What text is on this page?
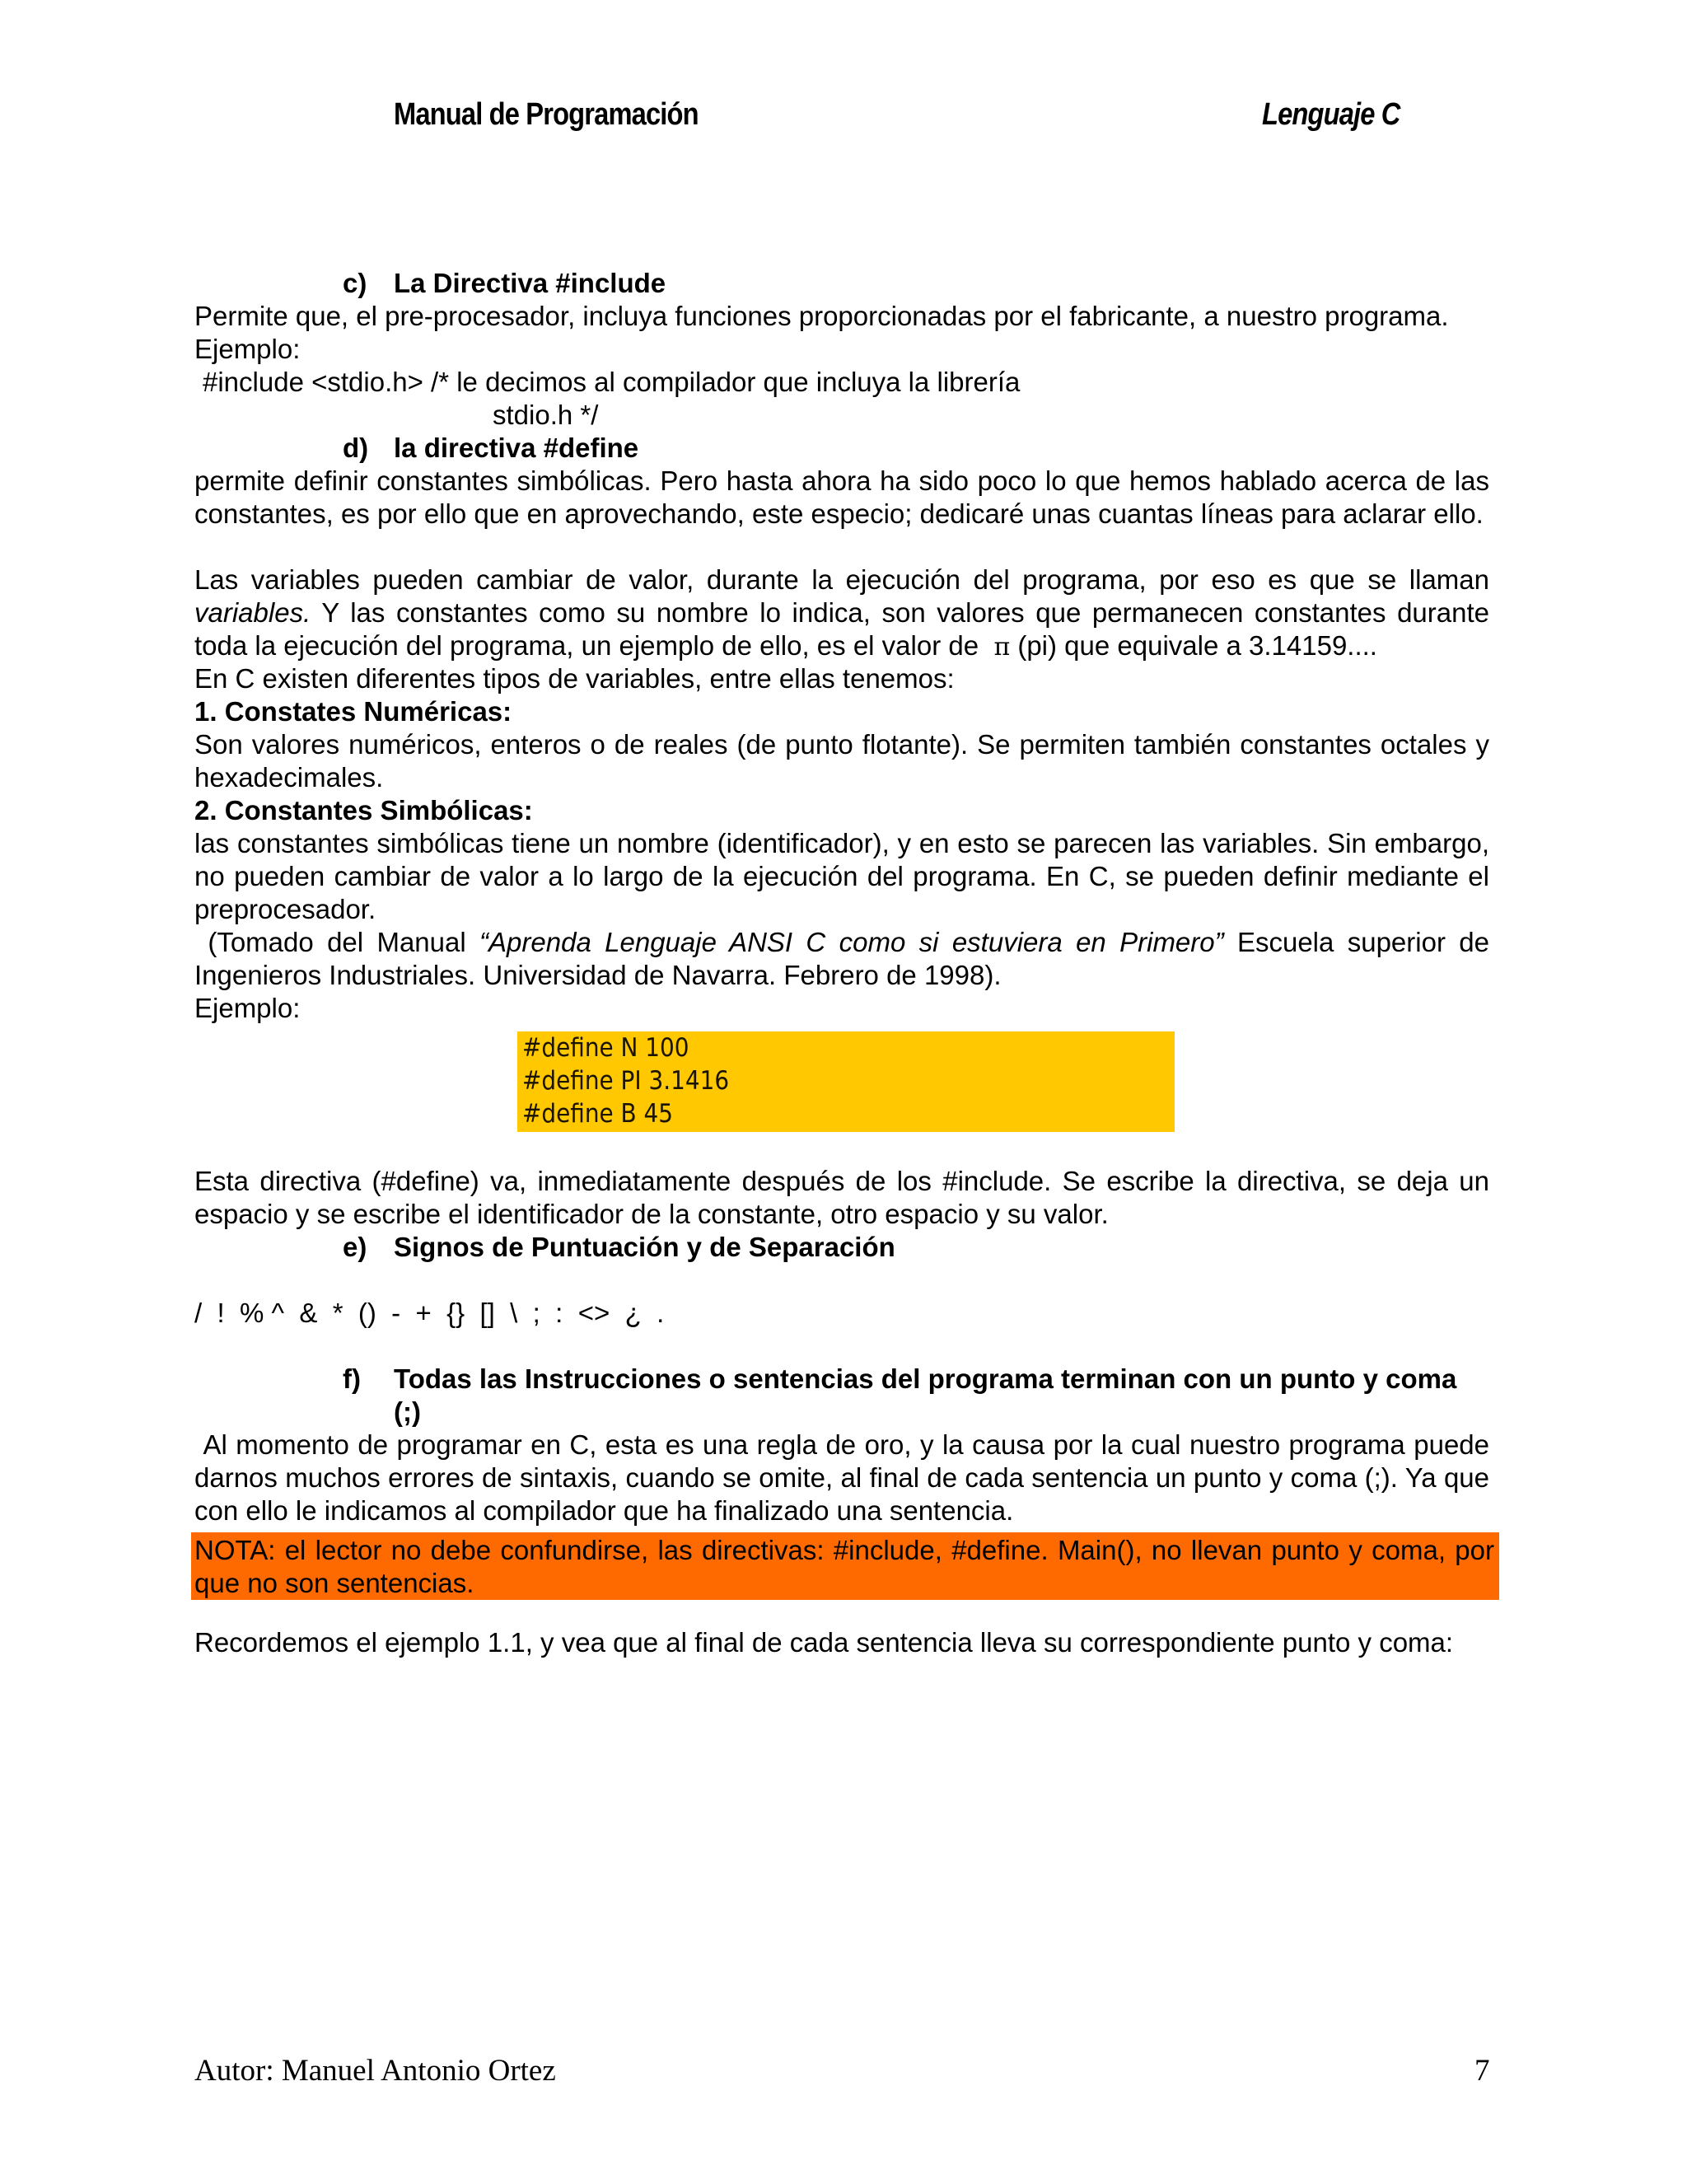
Manual de Programación	Lenguaje C
c) La Directiva #include
Permite que, el pre-procesador, incluya funciones proporcionadas por el fabricante, a nuestro programa.
Ejemplo:
#include <stdio.h> /* le decimos al compilador que incluya la librería
stdio.h */
d) la directiva #define
permite definir constantes simbólicas. Pero hasta ahora ha sido poco lo que hemos hablado acerca de las constantes, es por ello que en aprovechando, este especio; dedicaré unas cuantas líneas para aclarar ello.
Las variables pueden cambiar de valor, durante la ejecución del programa, por eso es que se llaman variables. Y las constantes como su nombre lo indica, son valores que permanecen constantes durante toda la ejecución del programa, un ejemplo de ello, es el valor de π (pi) que equivale a 3.14159....
En C existen diferentes tipos de variables, entre ellas tenemos:
1. Constates Numéricas:
Son valores numéricos, enteros o de reales (de punto flotante). Se permiten también constantes octales y hexadecimales.
2. Constantes Simbólicas:
las constantes simbólicas tiene un nombre (identificador), y en esto se parecen las variables. Sin embargo, no pueden cambiar de valor a lo largo de la ejecución del programa. En C, se pueden definir mediante el preprocesador.
(Tomado del Manual “Aprenda Lenguaje ANSI C como si estuviera en Primero” Escuela superior de Ingenieros Industriales. Universidad de Navarra. Febrero de 1998).
Ejemplo:
#define N 100
#define PI 3.1416
#define B 45
Esta directiva (#define) va, inmediatamente después de los #include. Se escribe la directiva, se deja un espacio y se escribe el identificador de la constante, otro espacio y su valor.
e) Signos de Puntuación y de Separación
/  !  % ^  &  *  ()  -  +  {}  []  \  ;  :  <>  ¿  .
f) Todas las Instrucciones o sentencias del programa terminan con un punto y coma
(;)
Al momento de programar en C, esta es una regla de oro, y la causa por la cual nuestro programa puede darnos muchos errores de sintaxis, cuando se omite, al final de cada sentencia un punto y coma (;). Ya que con ello le indicamos al compilador que ha finalizado una sentencia.
NOTA: el lector no debe confundirse, las directivas: #include, #define. Main(), no llevan punto y coma, por que no son sentencias.
Recordemos el ejemplo 1.1, y vea que al final de cada sentencia lleva su correspondiente punto y coma:
Autor: Manuel Antonio Ortez	7
